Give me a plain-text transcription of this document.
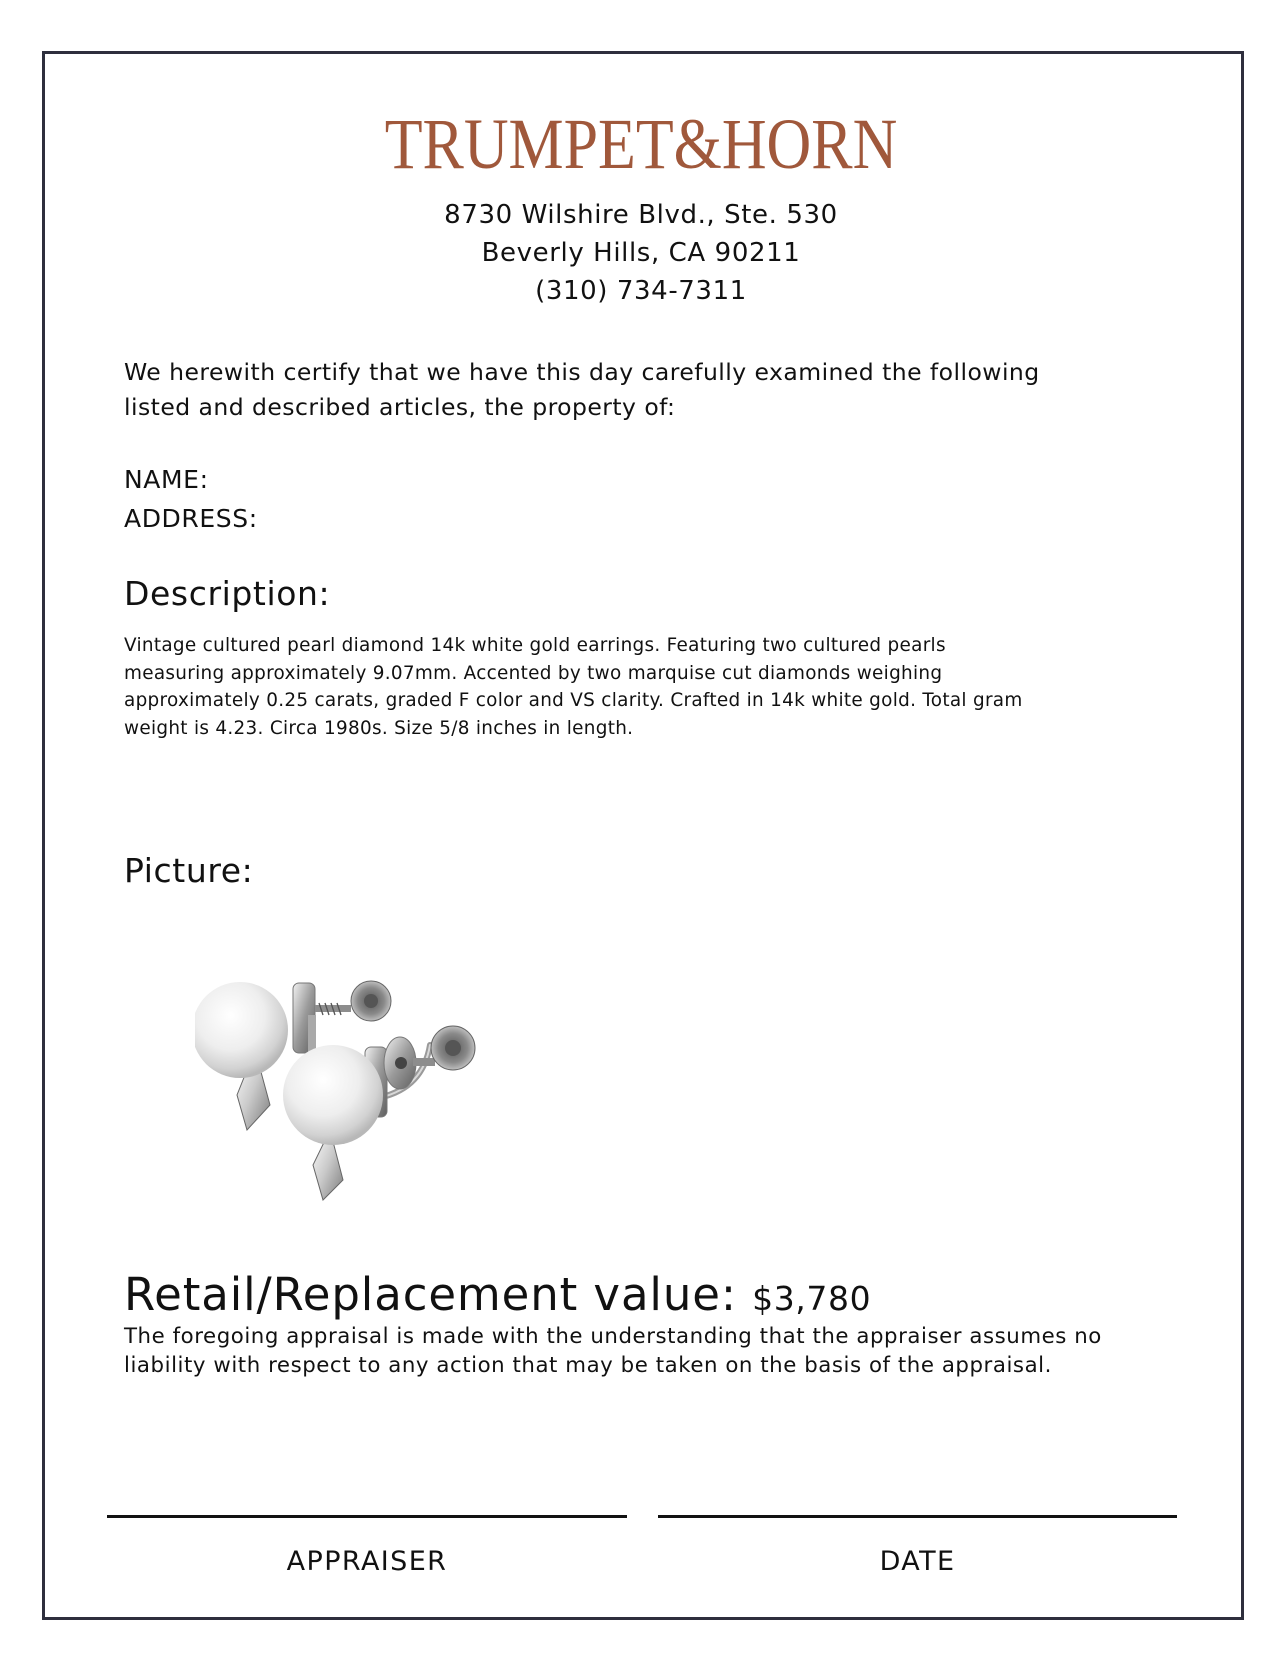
TRUMPET&HORN
8730 Wilshire Blvd., Ste. 530
Beverly Hills, CA 90211
(310) 734-7311
We herewith certify that we have this day carefully examined the following
listed and described articles, the property of:
NAME:
ADDRESS:
Description:
Vintage cultured pearl diamond 14k white gold earrings. Featuring two cultured pearls
measuring approximately 9.07mm. Accented by two marquise cut diamonds weighing
approximately 0.25 carats, graded F color and VS clarity. Crafted in 14k white gold. Total gram
weight is 4.23. Circa 1980s. Size 5/8 inches in length.
Picture:
Retail/Replacement value: $3,780
The foregoing appraisal is made with the understanding that the appraiser assumes no
liability with respect to any action that may be taken on the basis of the appraisal.
APPRAISER	DATE
